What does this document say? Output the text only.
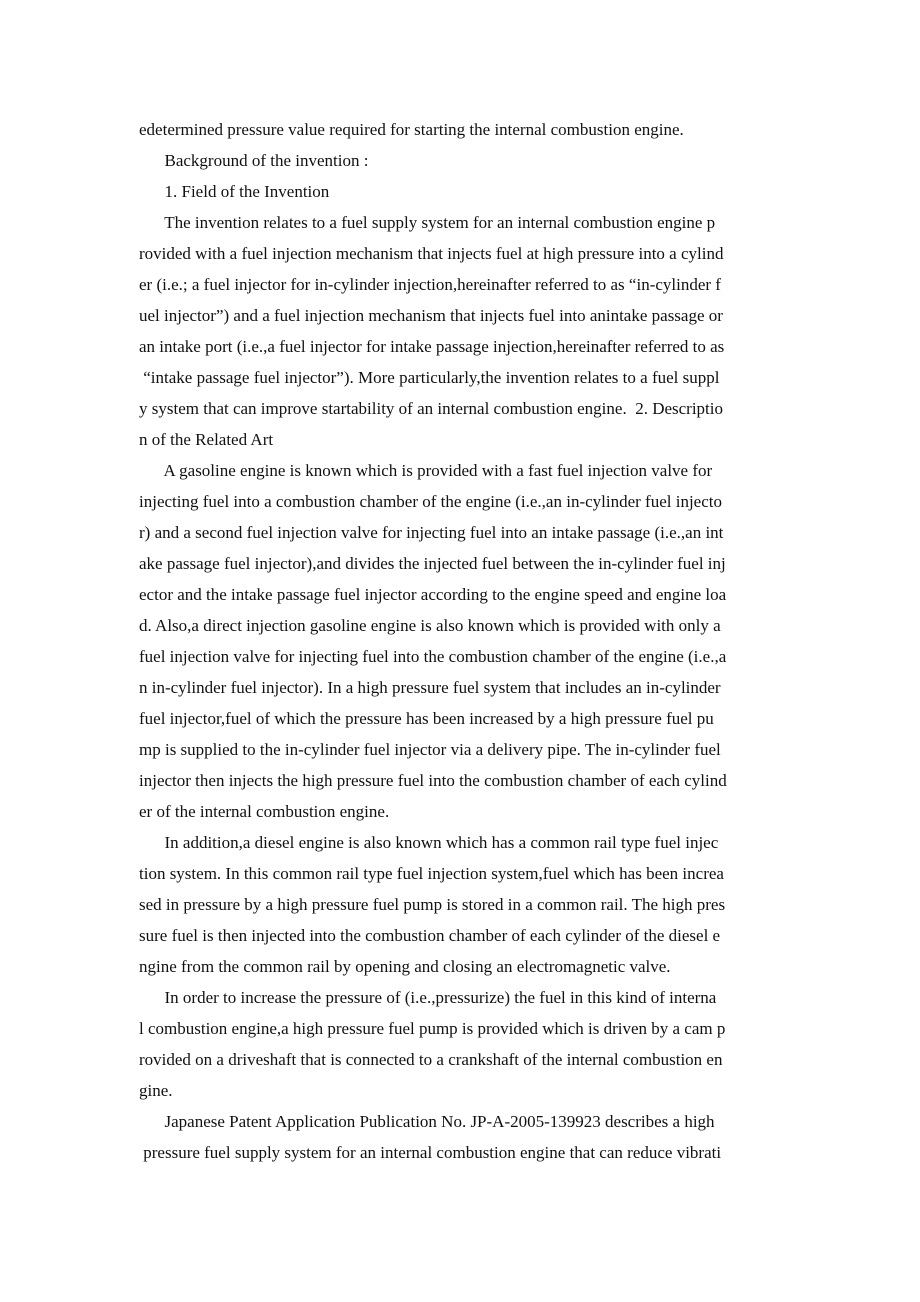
edetermined pressure value required for starting the internal combustion engine.
Background of the invention :
1. Field of the Invention
The invention relates to a fuel supply system for an internal combustion engine p
rovided with a fuel injection mechanism that injects fuel at high pressure into a cylind
er (i.e.; a fuel injector for in-cylinder injection,hereinafter referred to as “in-cylinder f
uel injector”) and a fuel injection mechanism that injects fuel into anintake passage or
an intake port (i.e.,a fuel injector for intake passage injection,hereinafter referred to as
“intake passage fuel injector”). More particularly,the invention relates to a fuel suppl
y system that can improve startability of an internal combustion engine.  2. Descriptio
n of the Related Art
A gasoline engine is known which is provided with a fast fuel injection valve for
injecting fuel into a combustion chamber of the engine (i.e.,an in-cylinder fuel injecto
r) and a second fuel injection valve for injecting fuel into an intake passage (i.e.,an int
ake passage fuel injector),and divides the injected fuel between the in-cylinder fuel inj
ector and the intake passage fuel injector according to the engine speed and engine loa
d. Also,a direct injection gasoline engine is also known which is provided with only a
fuel injection valve for injecting fuel into the combustion chamber of the engine (i.e.,a
n in-cylinder fuel injector). In a high pressure fuel system that includes an in-cylinder
fuel injector,fuel of which the pressure has been increased by a high pressure fuel pu
mp is supplied to the in-cylinder fuel injector via a delivery pipe. The in-cylinder fuel
injector then injects the high pressure fuel into the combustion chamber of each cylind
er of the internal combustion engine.
In addition,a diesel engine is also known which has a common rail type fuel injec
tion system. In this common rail type fuel injection system,fuel which has been increa
sed in pressure by a high pressure fuel pump is stored in a common rail. The high pres
sure fuel is then injected into the combustion chamber of each cylinder of the diesel e
ngine from the common rail by opening and closing an electromagnetic valve.
In order to increase the pressure of (i.e.,pressurize) the fuel in this kind of interna
l combustion engine,a high pressure fuel pump is provided which is driven by a cam p
rovided on a driveshaft that is connected to a crankshaft of the internal combustion en
gine.
Japanese Patent Application Publication No. JP-A-2005-139923 describes a high
pressure fuel supply system for an internal combustion engine that can reduce vibrati
